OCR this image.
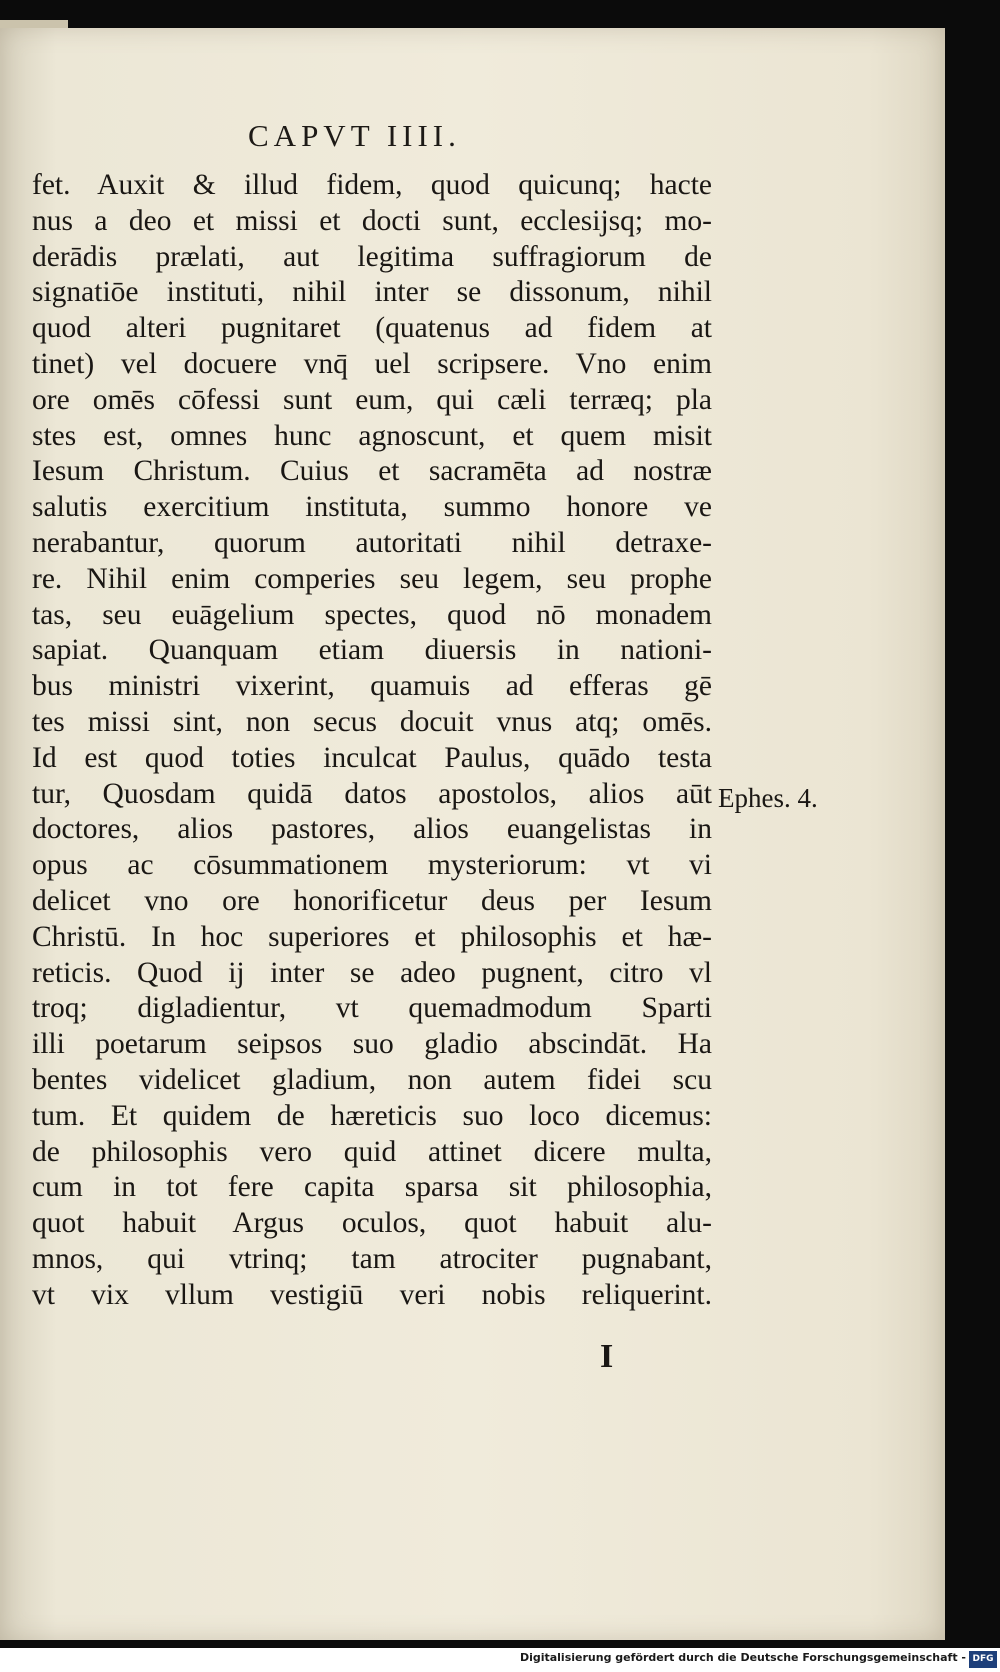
CAPVT IIII.
fet. Auxit & illud fidem, quod quicunq; hacte
nus a deo et missi et docti sunt, ecclesijsq; mo-
derādis prælati, aut legitima suffragiorum de
signatiōe instituti, nihil inter se dissonum, nihil
quod alteri pugnitaret (quatenus ad fidem at
tinet) vel docuere vnq̄ uel scripsere. Vno enim
ore omēs cōfessi sunt eum, qui cæli terræq; pla
stes est, omnes hunc agnoscunt, et quem misit
Iesum Christum. Cuius et sacramēta ad nostræ
salutis exercitium instituta, summo honore ve
nerabantur, quorum autoritati nihil detraxe-
re. Nihil enim comperies seu legem, seu prophe
tas, seu euāgelium spectes, quod nō monadem
sapiat. Quanquam etiam diuersis in nationi-
bus ministri vixerint, quamuis ad efferas gē
tes missi sint, non secus docuit vnus atq; omēs.
Id est quod toties inculcat Paulus, quādo testa
tur, Quosdam quidā datos apostolos, alios aūt
doctores, alios pastores, alios euangelistas in
opus ac cōsummationem mysteriorum: vt vi
delicet vno ore honorificetur deus per Iesum
Christū. In hoc superiores et philosophis et hæ-
reticis. Quod ij inter se adeo pugnent, citro vl
troq; digladientur, vt quemadmodum Sparti
illi poetarum seipsos suo gladio abscindāt. Ha
bentes videlicet gladium, non autem fidei scu
tum. Et quidem de hæreticis suo loco dicemus:
de philosophis vero quid attinet dicere multa,
cum in tot fere capita sparsa sit philosophia,
quot habuit Argus oculos, quot habuit alu-
mnos, qui vtrinq; tam atrociter pugnabant,
vt vix vllum vestigiū veri nobis reliquerint.
Ephes. 4.
I
Digitalisierung gefördert durch die Deutsche Forschungsgemeinschaft - DFG
